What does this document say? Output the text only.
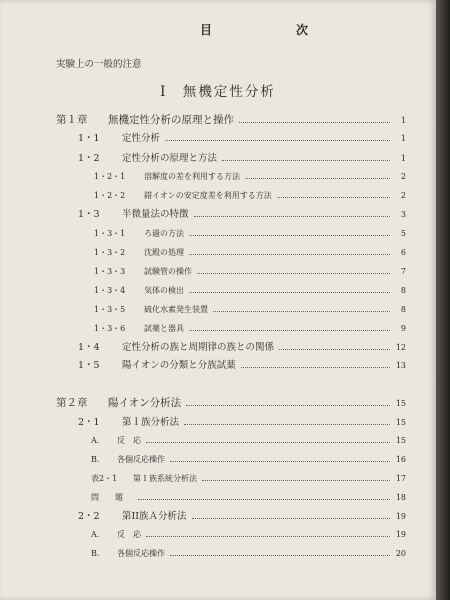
目　　次
実験上の一般的注意
I　無機定性分析
第１章	無機定性分析の原理と操作	1
1・1	定性分析	1
1・2	定性分析の原理と方法	1
1・2・1	溶解度の差を利用する方法	2
1・2・2	錯イオンの安定度差を利用する方法	2
1・3	半微量法の特徴	3
1・3・1	ろ過の方法	5
1・3・2	沈殿の処理	6
1・3・3	試験管の操作	7
1・3・4	気体の検出	8
1・3・5	硫化水素発生装置	8
1・3・6	試薬と器具	9
1・4	定性分析の族と周期律の族との関係	12
1・5	陽イオンの分類と分族試薬	13
第２章	陽イオン分析法	15
2・1	第Ｉ族分析法	15
A.	反　応	15
B.	各個反応操作	16
表2・1	第Ｉ族系統分析法	17
問　　題	18
2・2	第II族Ａ分析法	19
A.	反　応	19
B.	各個反応操作	20
